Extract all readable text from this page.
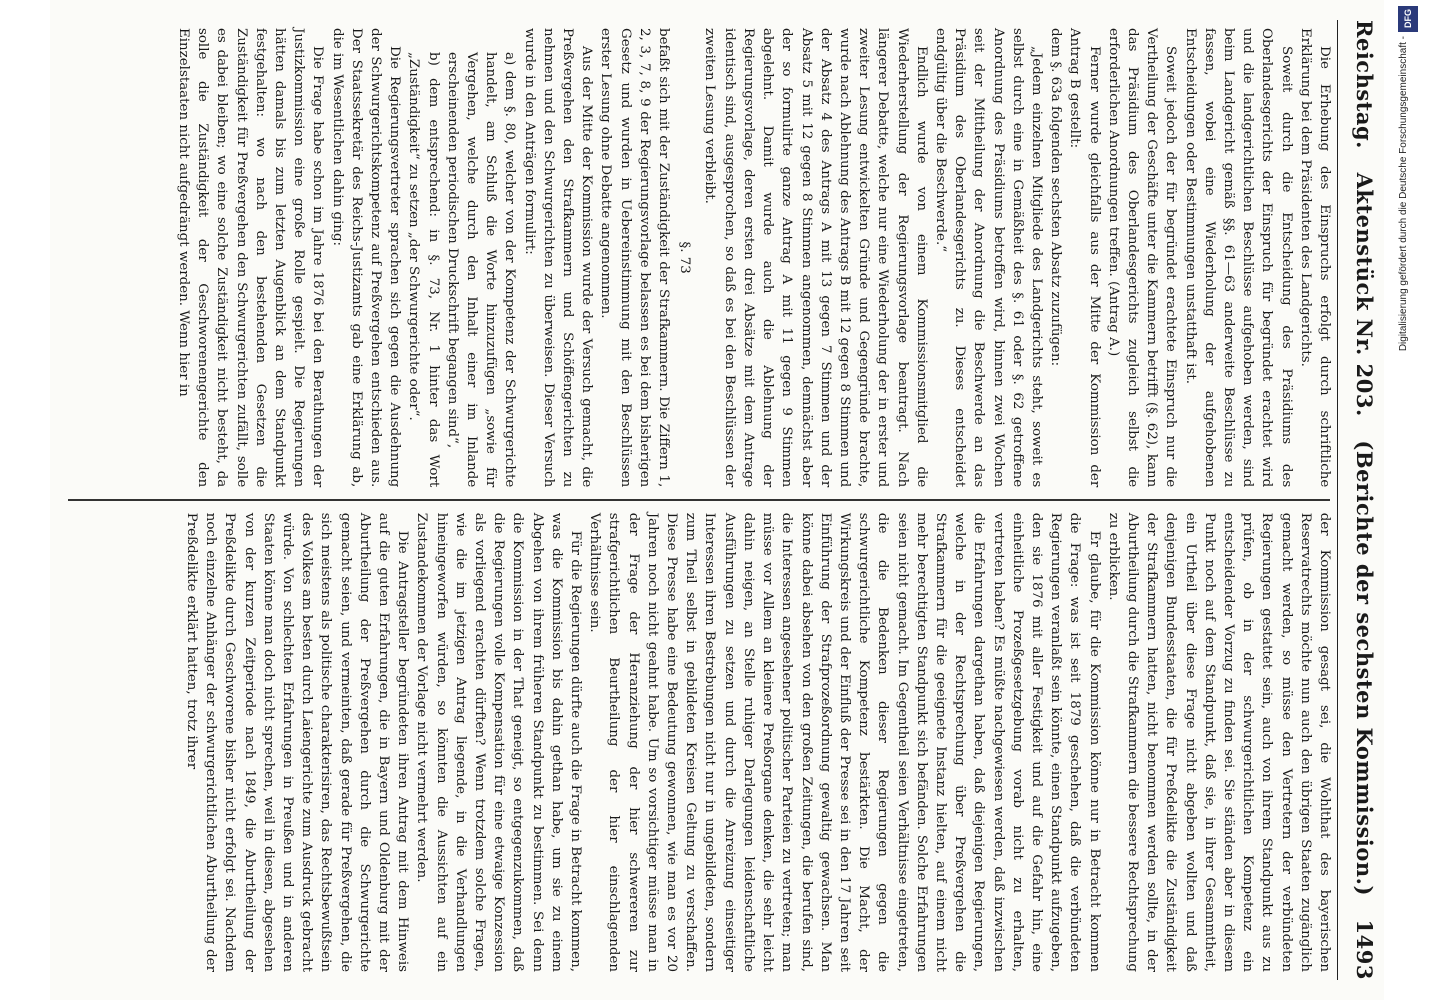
Reichstag.
Aktenstück Nr. 203.
(Berichte der sechsten Kommission.)
1493

Die Erhebung des Einspruchs erfolgt durch schriftliche Erklärung bei dem Präsidenten des Landgerichts.

Soweit durch die Entscheidung des Präsidiums des Oberlandesgerichts der Einspruch für begründet erachtet wird und die landgerichtlichen Beschlüsse aufgehoben werden, sind beim Landgericht gemäß §§. 61—63 anderweite Beschlüsse zu fassen, wobei eine Wiederholung der aufgehobenen Entscheidungen oder Bestimmungen unstatthaft ist.

Soweit jedoch der für begründet erachtete Einspruch nur die Vertheilung der Geschäfte unter die Kammern betrifft (§. 62), kann das Präsidium des Oberlandesgerichts zugleich selbst die erforderlichen Anordnungen treffen. (Antrag A.)

Ferner wurde gleichfalls aus der Mitte der Kommission der Antrag B gestellt:

dem §. 63a folgenden sechsten Absatz zuzufügen:

„Jedem einzelnen Mitgliede des Landgerichts steht, soweit es selbst durch eine in Gemäßheit des §. 61 oder §. 62 getroffene Anordnung des Präsidiums betroffen wird, binnen zwei Wochen seit der Mittheilung der Anordnung die Beschwerde an das Präsidium des Oberlandesgerichts zu. Dieses entscheidet endgültig über die Beschwerde.“

Endlich wurde von einem Kommissionsmitglied die Wiederherstellung der Regierungsvorlage beantragt. Nach längerer Debatte, welche nur eine Wiederholung der in erster und zweiter Lesung entwickelten Gründe und Gegengründe brachte, wurde nach Ablehnung des Antrags B mit 12 gegen 8 Stimmen und der Absatz 4 des Antrags A mit 13 gegen 7 Stimmen und der Absatz 5 mit 12 gegen 8 Stimmen angenommen, demnächst aber der so formulirte ganze Antrag A mit 11 gegen 9 Stimmen abgelehnt. Damit wurde auch die Ablehnung der Regierungsvorlage, deren ersten drei Absätze mit dem Antrage identisch sind, ausgesprochen, so daß es bei den Beschlüssen der zweiten Lesung verbleibt.

§. 73

befaßt sich mit der Zuständigkeit der Strafkammern. Die Ziffern 1, 2, 3, 7, 8, 9 der Regierungsvorlage belassen es bei dem bisherigen Gesetz und wurden in Uebereinstimmung mit den Beschlüssen erster Lesung ohne Debatte angenommen.

Aus der Mitte der Kommission wurde der Versuch gemacht, die Preßvergehen den Strafkammern und Schöffengerichten zu nehmen und den Schwurgerichten zu überweisen. Dieser Versuch wurde in den Anträgen formulirt:

a) dem §. 80, welcher von der Kompetenz der Schwurgerichte handelt, am Schluß die Worte hinzuzufügen „sowie für Vergehen, welche durch den Inhalt einer im Inlande erscheinenden periodischen Druckschrift begangen sind“,

b) dem entsprechend: in §. 73, Nr. 1 hinter das Wort „Zuständigkeit“ zu setzen „der Schwurgerichte oder“.

Die Regierungsvertreter sprachen sich gegen die Ausdehnung der Schwurgerichtskompetenz auf Preßvergehen entschieden aus. Der Staatssekretär des Reichs-Justizamts gab eine Erklärung ab, die im Wesentlichen dahin ging:

Die Frage habe schon im Jahre 1876 bei den Berathungen der Justizkommission eine große Rolle gespielt. Die Regierungen hätten damals bis zum letzten Augenblick an dem Standpunkt festgehalten: wo nach den bestehenden Gesetzen die Zuständigkeit für Preßvergehen den Schwurgerichten zufällt, solle es dabei bleiben; wo eine solche Zuständigkeit nicht besteht, da solle die Zuständigkeit der Geschworenengerichte den Einzelstaaten nicht aufgedrängt werden. Wenn hier in

der Kommission gesagt sei, die Wohlthat des bayerischen Reservatrechts möchte nun auch den übrigen Staaten zugänglich gemacht werden, so müsse den Vertretern der verbündeten Regierungen gestattet sein, auch von ihrem Standpunkt aus zu prüfen, ob in der schwurgerichtlichen Kompetenz ein entscheidender Vorzug zu finden sei. Sie ständen aber in diesem Punkt noch auf dem Standpunkt, daß sie, in ihrer Gesammtheit, ein Urtheil über diese Frage nicht abgeben wollten und daß denjenigen Bundesstaaten, die für Preßdelikte die Zuständigkeit der Strafkammern hatten, nicht benommen werden sollte, in der Aburtheilung durch die Strafkammern die bessere Rechtsprechung zu erblicken.

Er glaube, für die Kommission könne nur in Betracht kommen die Frage: was ist seit 1879 geschehen, daß die verbündeten Regierungen veranlaßt sein könnte, einen Standpunkt aufzugeben, den sie 1876 mit aller Festigkeit und auf die Gefahr hin, eine einheitliche Prozeßgesetzgebung vorab nicht zu erhalten, vertreten haben? Es müßte nachgewiesen werden, daß inzwischen die Erfahrungen dargethan haben, daß diejenigen Regierungen, welche in der Rechtsprechung über Preßvergehen die Strafkammern für die geeignete Instanz hielten, auf einem nicht mehr berechtigten Standpunkt sich befänden. Solche Erfahrungen seien nicht gemacht. Im Gegentheil seien Verhältnisse eingetreten, die die Bedenken dieser Regierungen gegen die schwurgerichtliche Kompetenz bestärkten. Die Macht, der Wirkungskreis und der Einfluß der Presse sei in den 17 Jahren seit Einführung der Strafprozeßordnung gewaltig gewachsen. Man könne dabei absehen von den großen Zeitungen, die berufen sind, die Interessen angesehener politischer Parteien zu vertreten; man müsse vor Allem an kleinere Preßorgane denken, die sehr leicht dahin neigen, an Stelle ruhiger Darlegungen leidenschaftliche Ausführungen zu setzen und durch die Anreizung einseitiger Interessen ihren Bestrebungen nicht nur in ungebildeten, sondern zum Theil selbst in gebildeten Kreisen Geltung zu verschaffen. Diese Presse habe eine Bedeutung gewonnen, wie man es vor 20 Jahren noch nicht geahnt habe. Um so vorsichtiger müsse man in der Frage der Heranziehung der hier schwereren zur strafgerichtlichen Beurtheilung der hier einschlagenden Verhältnisse sein.

Für die Regierungen dürfte auch die Frage in Betracht kommen, was die Kommission bis dahin gethan habe, um sie zu einem Abgehen von ihrem früheren Standpunkt zu bestimmen. Sei denn die Kommission in der That geneigt, so entgegenzukommen, daß die Regierungen volle Kompensation für eine etwaige Konzession als vorliegend erachten dürften? Wenn trotzdem solche Fragen, wie die im jetzigen Antrag liegende, in die Verhandlungen hineingeworfen würden, so könnten die Aussichten auf ein Zustandekommen der Vorlage nicht vermehrt werden.

Die Antragsteller begründeten ihren Antrag mit dem Hinweis auf die guten Erfahrungen, die in Bayern und Oldenburg mit der Aburtheilung der Preßvergehen durch die Schwurgerichte gemacht seien, und vermeinten, daß gerade für Preßvergehen, die sich meistens als politische charakterisiren, das Rechtsbewußtsein des Volkes am besten durch Laiengerichte zum Ausdruck gebracht würde. Von schlechten Erfahrungen in Preußen und in anderen Staaten könne man doch nicht sprechen, weil in diesen, abgesehen von der kurzen Zeitperiode nach 1849, die Aburtheilung der Preßdelikte durch Geschworene bisher nicht erfolgt sei. Nachdem noch einzelne Anhänger der schwurgerichtlichen Aburtheilung der Preßdelikte erklärt hatten, trotz ihrer

DFG
Digitalisierung gefördert durch die Deutsche Forschungsgemeinschaft -
